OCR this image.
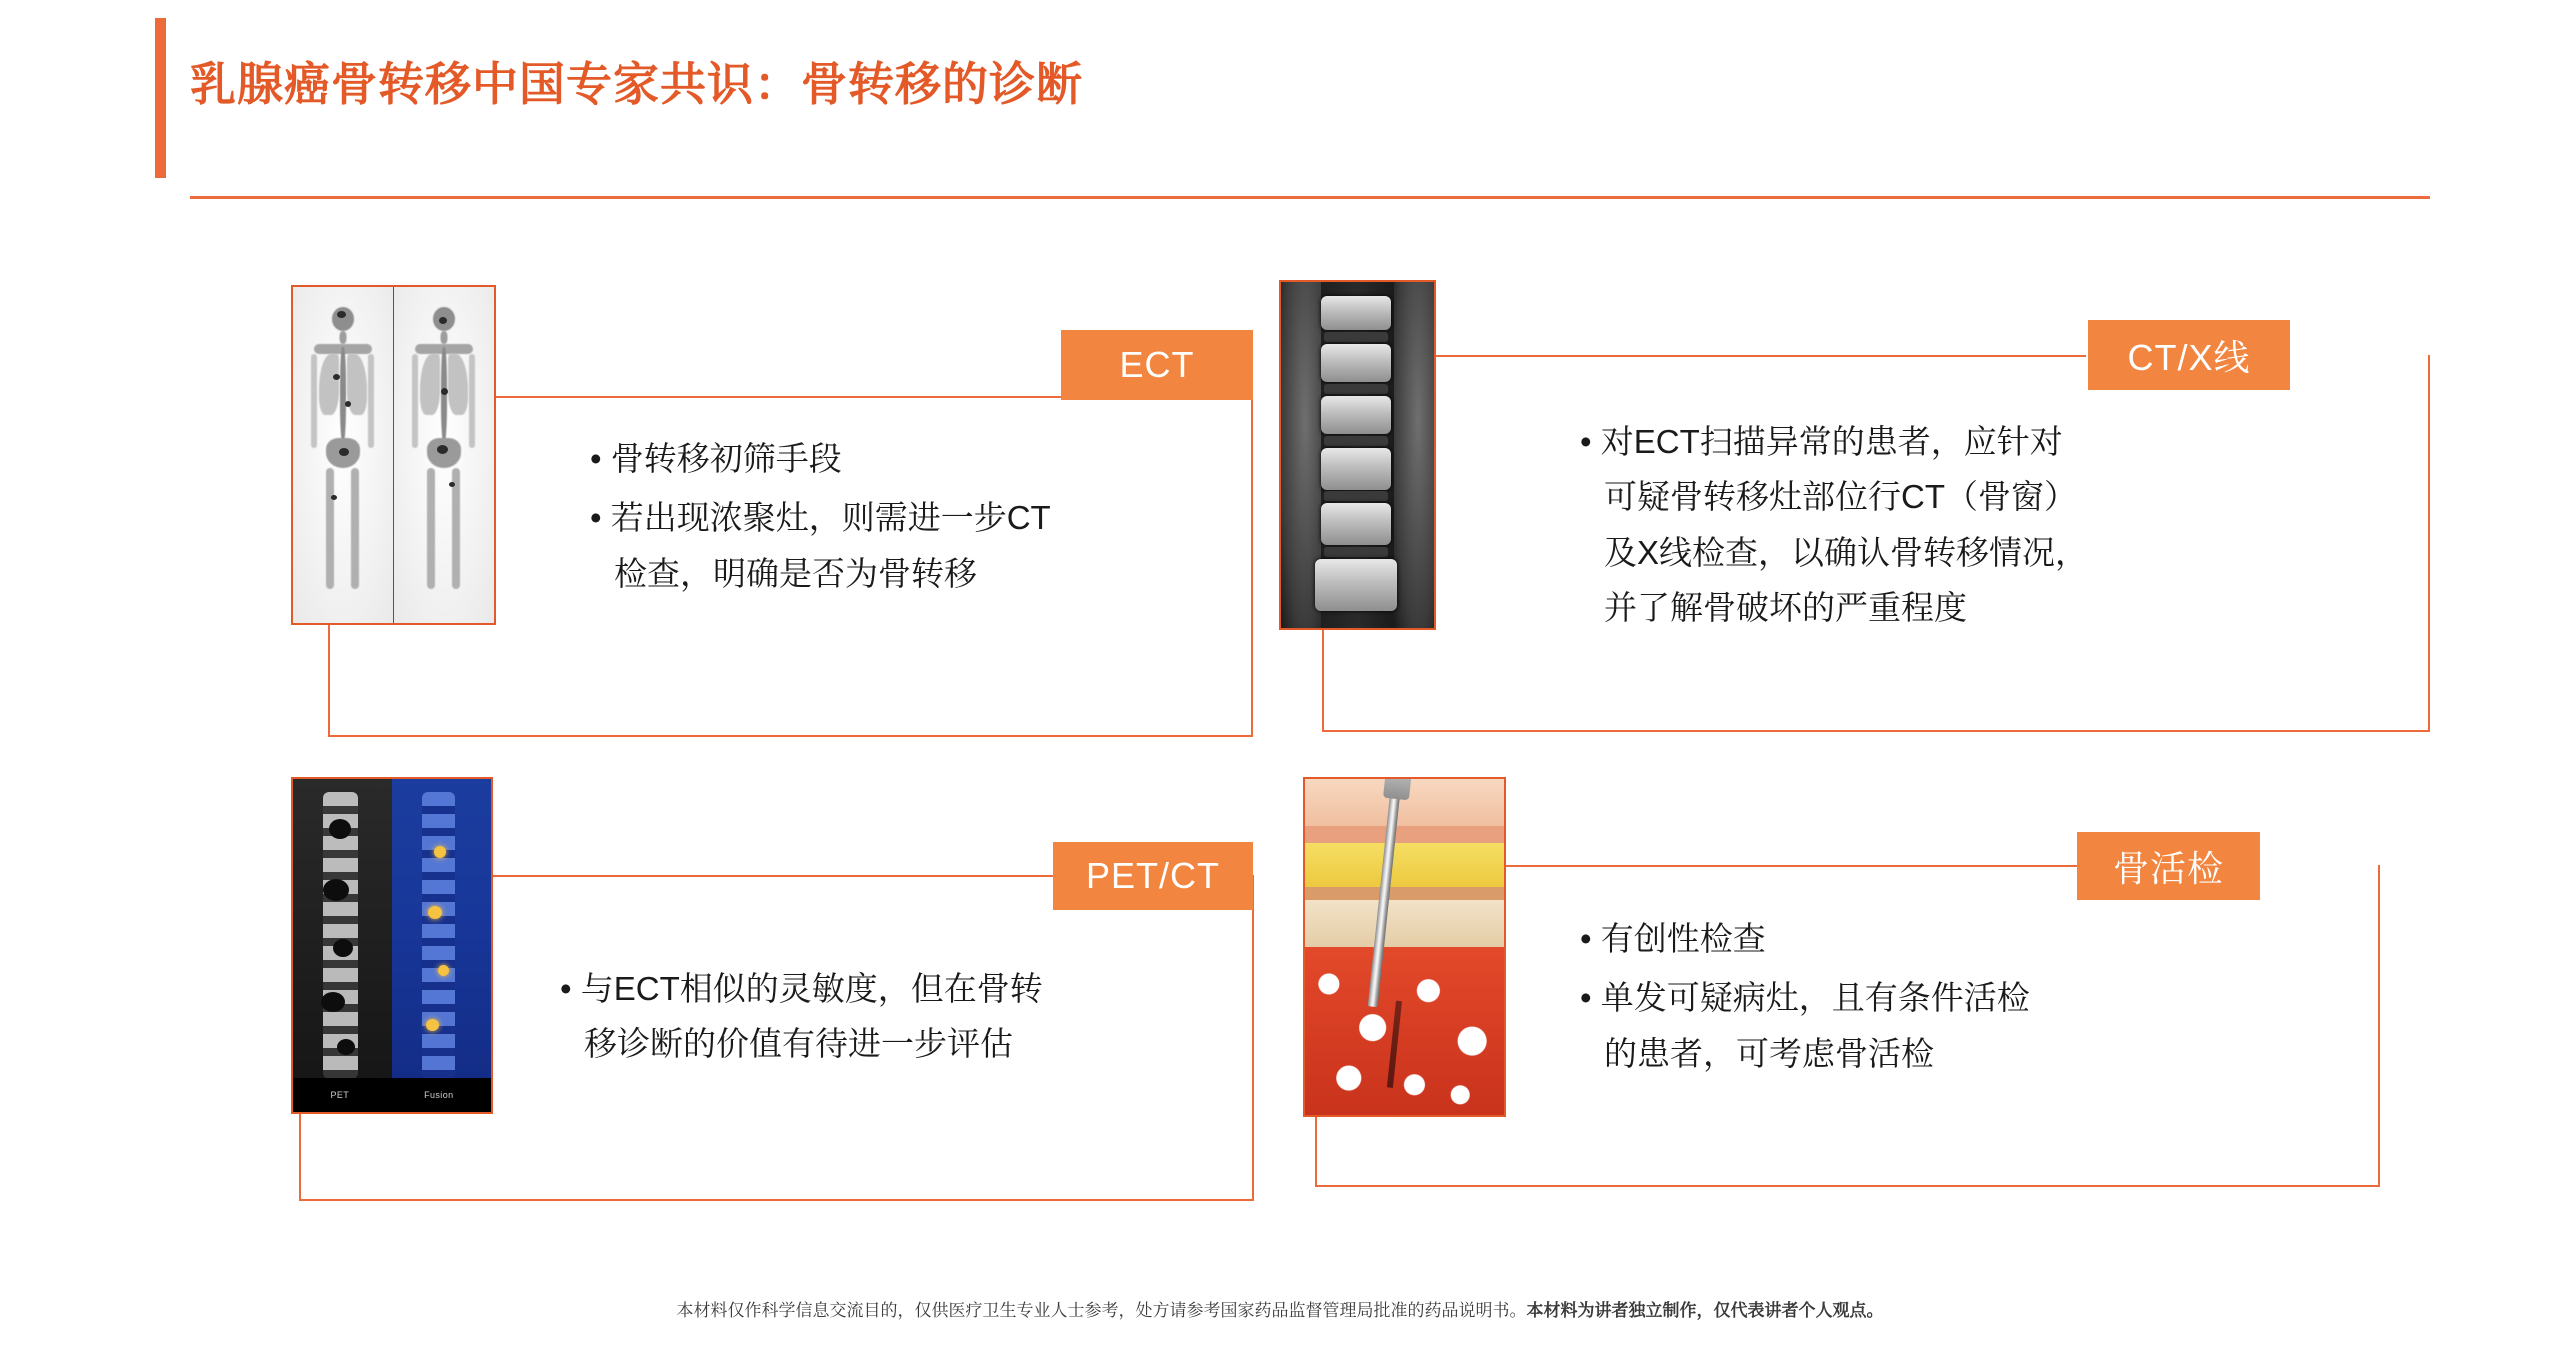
乳腺癌骨转移中国专家共识：骨转移的诊断
ECT

• 骨转移初筛手段

• 若出现浓聚灶，则需进一步CT

检查，明确是否为骨转移

CT/X线

• 对ECT扫描异常的患者，应针对

可疑骨转移灶部位行CT（骨窗）

及X线检查，以确认骨转移情况，

并了解骨破坏的严重程度

PET	Fusion
PET/CT

• 与ECT相似的灵敏度，但在骨转

移诊断的价值有待进一步评估

骨活检

• 有创性检查

• 单发可疑病灶，且有条件活检

的患者，可考虑骨活检

本材料仅作科学信息交流目的，仅供医疗卫生专业人士参考，处方请参考国家药品监督管理局批准的药品说明书。本材料为讲者独立制作，仅代表讲者个人观点。
